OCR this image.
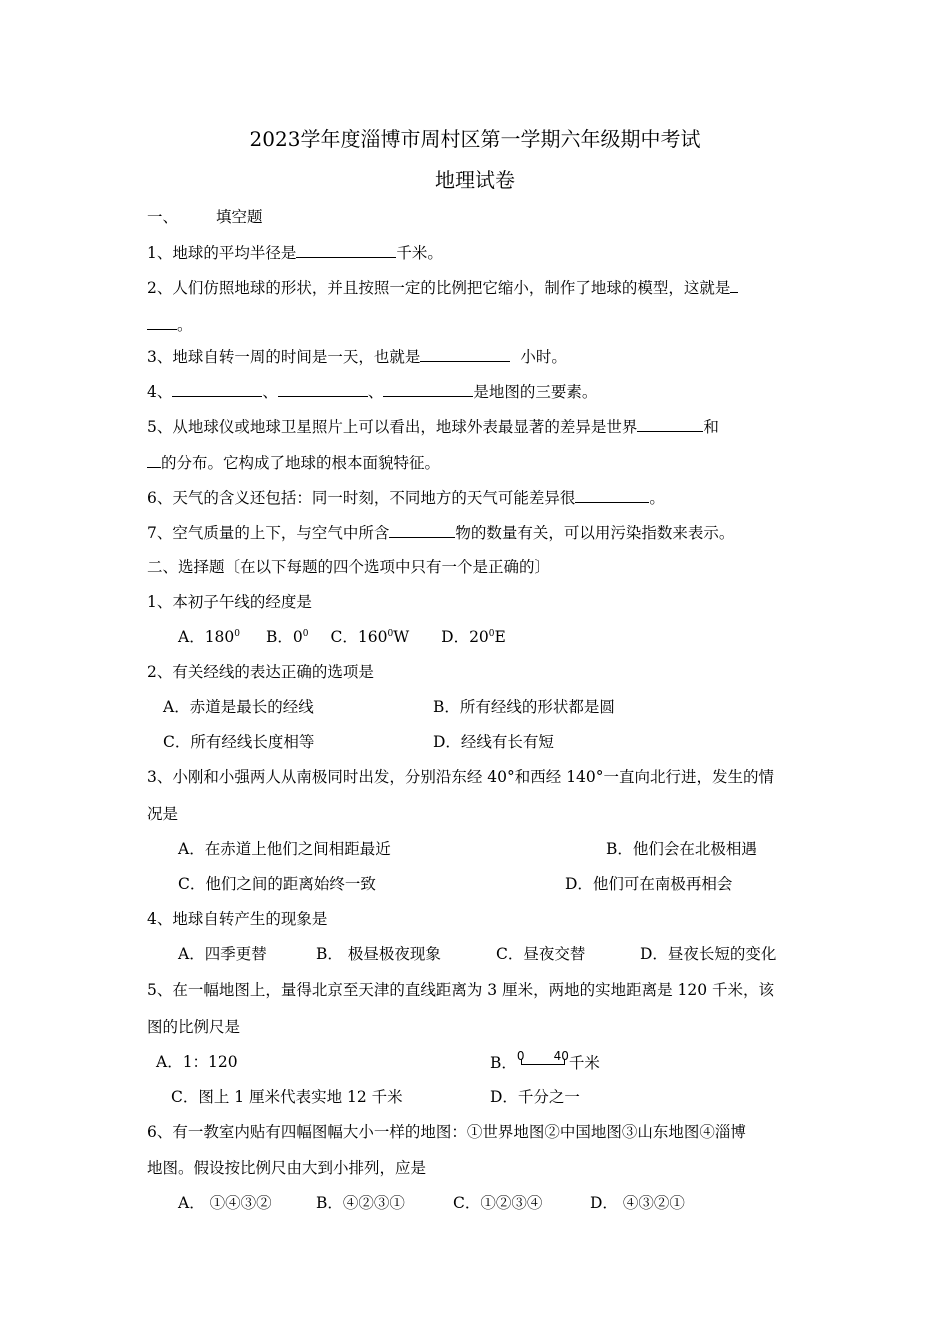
2023学年度淄博市周村区第一学期六年级期中考试
地理试卷
一、 填空题
1、地球的平均半径是	千米。
2、人们仿照地球的形状，并且按照一定的比例把它缩小，制作了地球的模型，这就是
。
3、地球自转一周的时间是一天，也就是	小时。
4、	、	、	是地图的三要素。
5、从地球仪或地球卫星照片上可以看出，地球外表最显著的差异是世界	和
的分布。它构成了地球的根本面貌特征。
6、天气的含义还包括：同一时刻，不同地方的天气可能差异很	。
7、空气质量的上下，与空气中所含	物的数量有关，可以用污染指数来表示。
二、选择题〔在以下每题的四个选项中只有一个是正确的〕
1、本初子午线的经度是
A．$180^0$ B．$0^0$ C．$160^0W$ D．$20^0E$
2、有关经线的表达正确的选项是
A．赤道是最长的经线	B．所有经线的形状都是圆
C．所有经线长度相等	D．经线有长有短
3、小刚和小强两人从南极同时出发，分别沿东经 40°和西经 140°一直向北行进，发生的情
况是
A．在赤道上他们之间相距最近	B．他们会在北极相遇
C．他们之间的距离始终一致	D．他们可在南极再相会
4、地球自转产生的现象是
A．四季更替	B． 极昼极夜现象	C．昼夜交替	D．昼夜长短的变化
5、在一幅地图上，量得北京至天津的直线距离为 3 厘米，两地的实地距离是 120 千米，该
图的比例尺是
A．1：120	B． 0 40 千米
C．图上 1 厘米代表实地 12 千米	D．千分之一
6、有一教室内贴有四幅图幅大小一样的地图：①世界地图②中国地图③山东地图④淄博
地图。假设按比例尺由大到小排列，应是
A． ①④③②	B．④②③①	C．①②③④	D． ④③②①
